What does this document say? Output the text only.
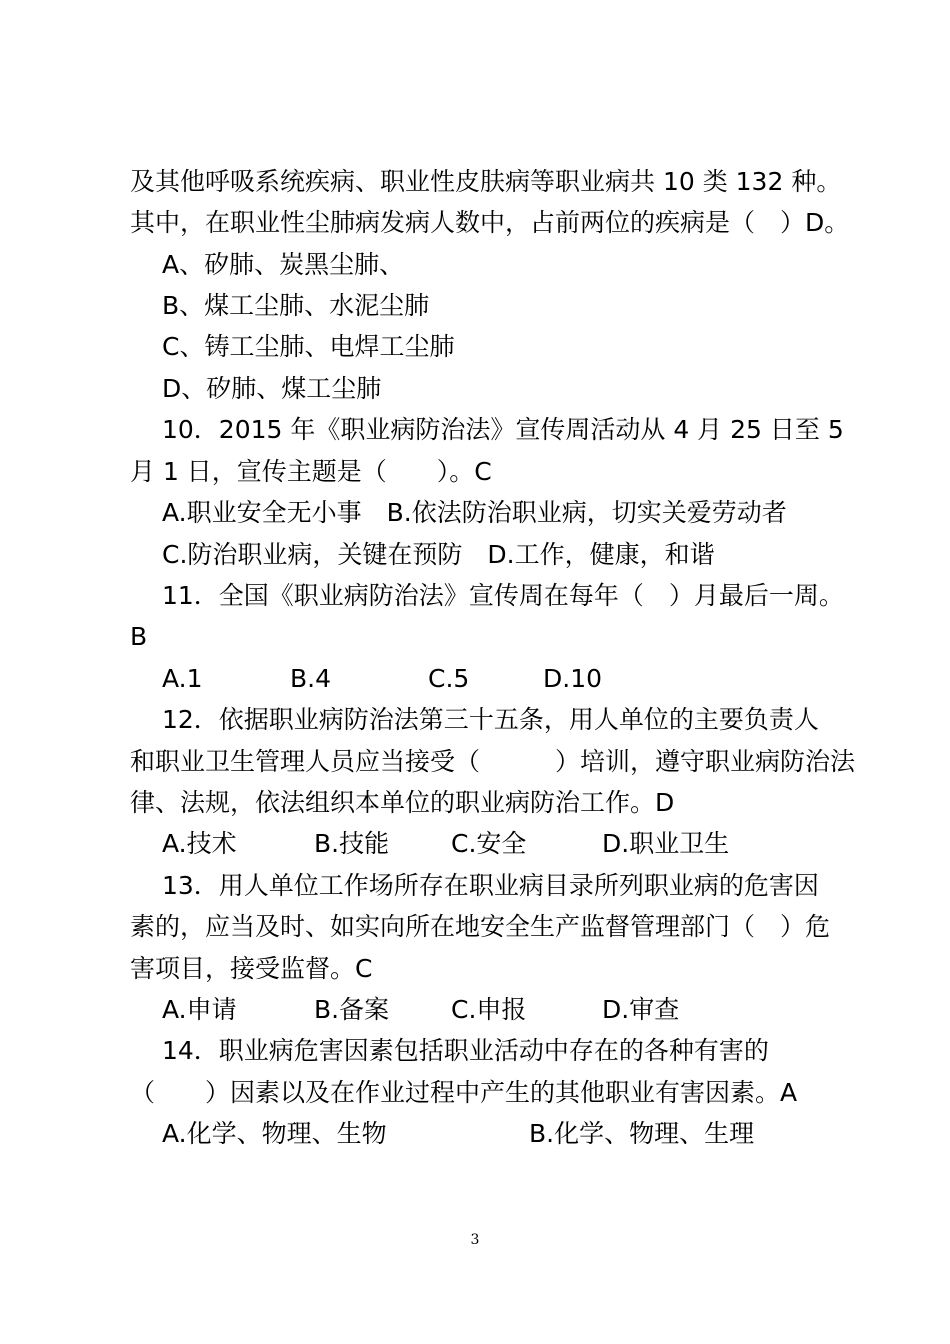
及其他呼吸系统疾病、职业性皮肤病等职业病共 10 类 132 种。
其中，在职业性尘肺病发病人数中，占前两位的疾病是（　）D。
A、矽肺、炭黑尘肺、
B、煤工尘肺、水泥尘肺
C、铸工尘肺、电焊工尘肺
D、矽肺、煤工尘肺
10．2015 年《职业病防治法》宣传周活动从 4 月 25 日至 5
月 1 日，宣传主题是（　　）。C
A.职业安全无小事　B.依法防治职业病，切实关爱劳动者
C.防治职业病，关键在预防　D.工作，健康，和谐
11．全国《职业病防治法》宣传周在每年（　）月最后一周。
B
A.1	B.4	C.5	D.10
12．依据职业病防治法第三十五条，用人单位的主要负责人
和职业卫生管理人员应当接受（　　　）培训，遵守职业病防治法
律、法规，依法组织本单位的职业病防治工作。D
A.技术	B.技能 C.安全	D.职业卫生
13．用人单位工作场所存在职业病目录所列职业病的危害因
素的，应当及时、如实向所在地安全生产监督管理部门（　）危
害项目，接受监督。C
A.申请	B.备案 C.申报	D.审查
14．职业病危害因素包括职业活动中存在的各种有害的
（　　）因素以及在作业过程中产生的其他职业有害因素。A
A.化学、物理、生物	B.化学、物理、生理
3
